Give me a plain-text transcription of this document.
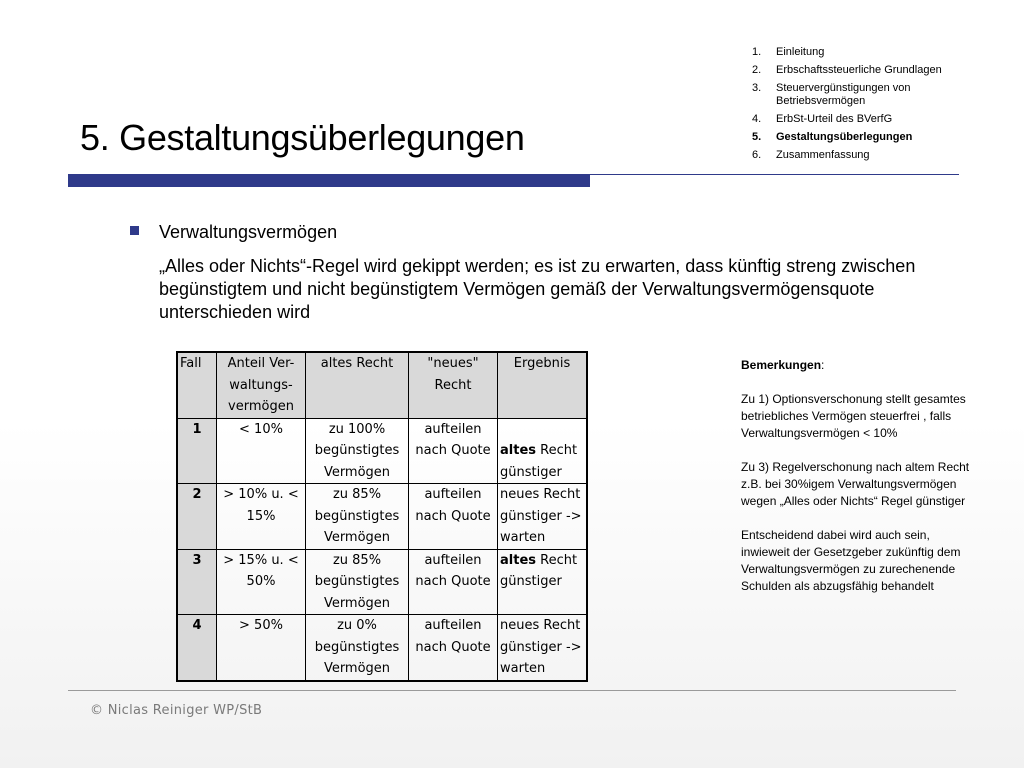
5. Gestaltungsüberlegungen
1.	Einleitung
2.	Erbschaftssteuerliche Grundlagen
3.	Steuervergünstigungen von Betriebsvermögen
4.	ErbSt-Urteil des BVerfG
5.	Gestaltungsüberlegungen
6.	Zusammenfassung
Verwaltungsvermögen

„Alles oder Nichts“-Regel wird gekippt werden; es ist zu erwarten, dass künftig streng zwischen begünstigtem und nicht begünstigtem Vermögen gemäß der Verwaltungsvermögensquote unterschieden wird

Fall	Anteil Ver-waltungs-vermögen	altes Recht	"neues" Recht	Ergebnis
1	< 10%	zu 100% begünstigtes Vermögen	aufteilen nach Quote	altes Recht günstiger
2	> 10% u. < 15%	zu 85% begünstigtes Vermögen	aufteilen nach Quote	neues Recht günstiger -> warten
3	> 15% u. < 50%	zu 85% begünstigtes Vermögen	aufteilen nach Quote	altes Recht günstiger
4	> 50%	zu 0% begünstigtes Vermögen	aufteilen nach Quote	neues Recht günstiger -> warten

Bemerkungen:

Zu 1) Optionsverschonung stellt gesamtes betriebliches Vermögen steuerfrei , falls Verwaltungsvermögen < 10%

Zu 3) Regelverschonung nach altem Recht z.B. bei 30%igem Verwaltungsvermögen wegen „Alles oder Nichts“ Regel günstiger

Entscheidend dabei wird auch sein, inwieweit der Gesetzgeber zukünftig dem Verwaltungsvermögen zu zurechenende Schulden als abzugsfähig behandelt

© Niclas Reiniger WP/StB
